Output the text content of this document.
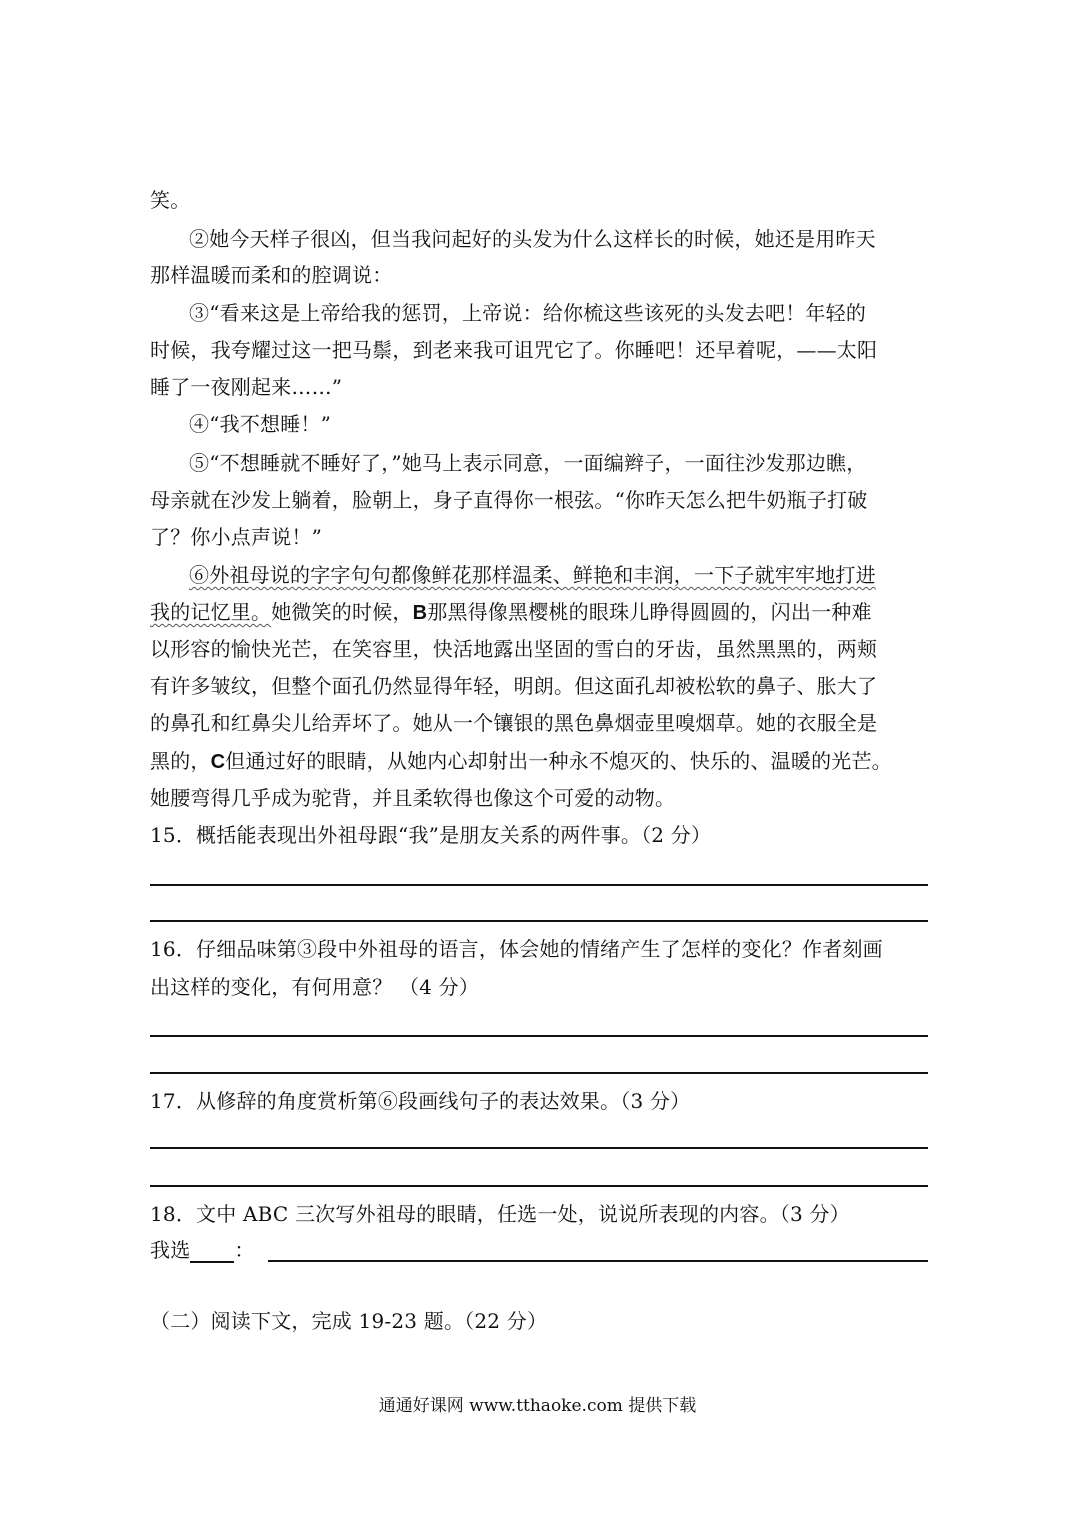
笑。
②她今天样子很凶，但当我问起好的头发为什么这样长的时候，她还是用昨天
那样温暖而柔和的腔调说：
③“看来这是上帝给我的惩罚，上帝说：给你梳这些该死的头发去吧！年轻的
时候，我夸耀过这一把马鬃，到老来我可诅咒它了。你睡吧！还早着呢，——太阳
睡了一夜刚起来……”
④“我不想睡！”
⑤“不想睡就不睡好了，”她马上表示同意，一面编辫子，一面往沙发那边瞧，
母亲就在沙发上躺着，脸朝上，身子直得你一根弦。“你昨天怎么把牛奶瓶子打破
了？你小点声说！”
⑥外祖母说的字字句句都像鲜花那样温柔、鲜艳和丰润，一下子就牢牢地打进
我的记忆里。她微笑的时候，B那黑得像黑樱桃的眼珠儿睁得圆圆的，闪出一种难
以形容的愉快光芒，在笑容里，快活地露出坚固的雪白的牙齿，虽然黑黑的，两颊
有许多皱纹，但整个面孔仍然显得年轻，明朗。但这面孔却被松软的鼻子、胀大了
的鼻孔和红鼻尖儿给弄坏了。她从一个镶银的黑色鼻烟壶里嗅烟草。她的衣服全是
黑的，C但通过好的眼睛，从她内心却射出一种永不熄灭的、快乐的、温暖的光芒。
她腰弯得几乎成为驼背，并且柔软得也像这个可爱的动物。
15．概括能表现出外祖母跟“我”是朋友关系的两件事。（2 分）
16．仔细品味第③段中外祖母的语言，体会她的情绪产生了怎样的变化？作者刻画
出这样的变化，有何用意？ （4 分）
17．从修辞的角度赏析第⑥段画线句子的表达效果。（3 分）
18．文中 ABC 三次写外祖母的眼睛，任选一处，说说所表现的内容。（3 分）
我选 ：
（二）阅读下文，完成 19-23 题。（22 分）
通通好课网 www.tthaoke.com 提供下载
